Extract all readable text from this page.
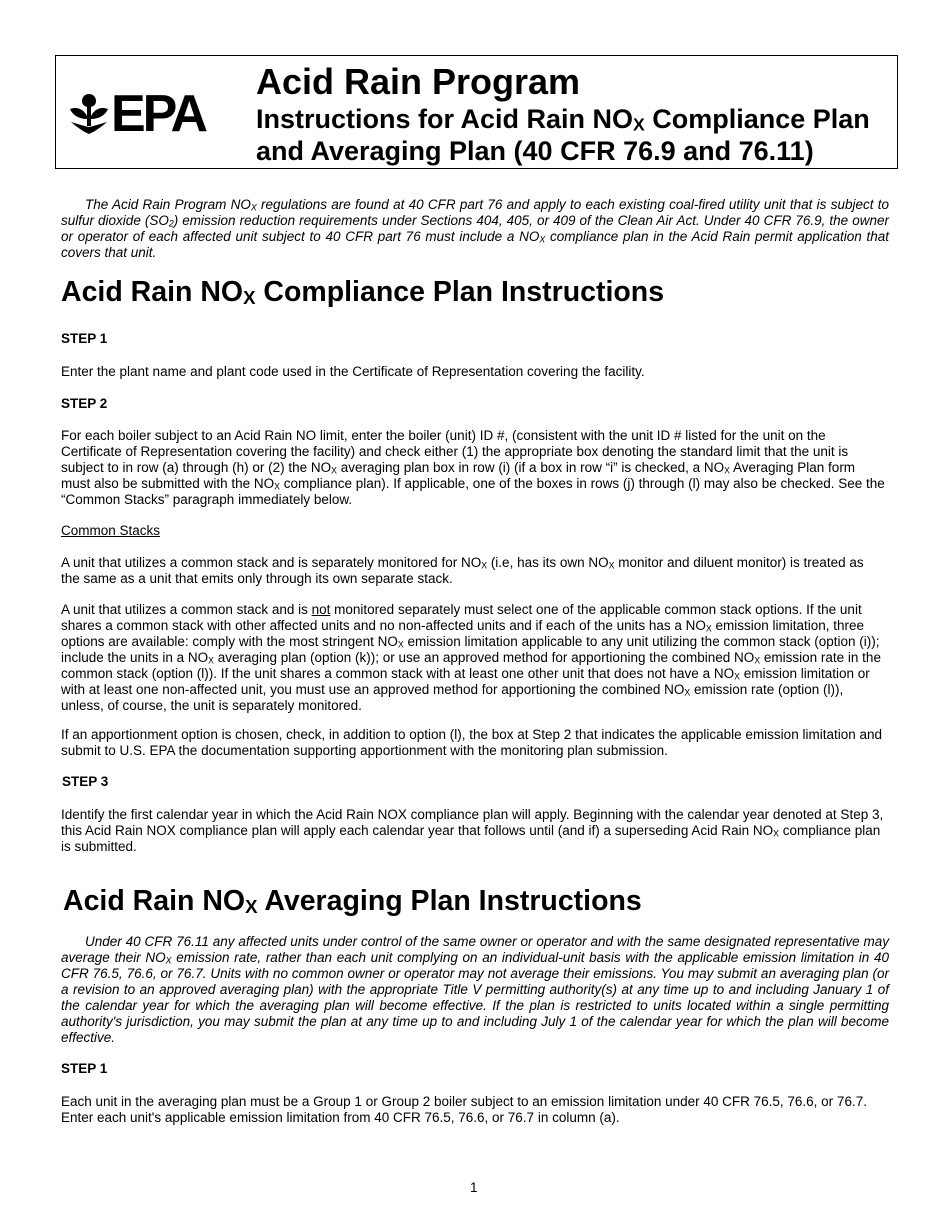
EPA
Acid Rain Program
Instructions for Acid Rain $NO_X$ Compliance Plan
and Averaging Plan (40 CFR 76.9 and 76.11)

The Acid Rain Program $NO_X$ regulations are found at 40 CFR part 76 and apply to each existing coal-fired utility unit that is subject to sulfur dioxide $(SO_2)$ emission reduction requirements under Sections 404, 405, or 409 of the Clean Air Act. Under 40 CFR 76.9, the owner or operator of each affected unit subject to 40 CFR part 76 must include a $NO_X$ compliance plan in the Acid Rain permit application that covers that unit.

Acid Rain $NO_X$ Compliance Plan Instructions
STEP 1

Enter the plant name and plant code used in the Certificate of Representation covering the facility.

STEP 2

For each boiler subject to an Acid Rain NO limit, enter the boiler (unit) ID #, (consistent with the unit ID # listed for the unit on the Certificate of Representation covering the facility) and check either (1) the appropriate box denoting the standard limit that the unit is subject to in row (a) through (h) or (2) the $NO_X$ averaging plan box in row (i) (if a box in row “i” is checked, a $NO_X$ Averaging Plan form must also be submitted with the $NO_X$ compliance plan). If applicable, one of the boxes in rows (j) through (l) may also be checked. See the “Common Stacks” paragraph immediately below.

Common Stacks

A unit that utilizes a common stack and is separately monitored for $NO_X$ (i.e, has its own $NO_X$ monitor and diluent monitor) is treated as the same as a unit that emits only through its own separate stack.

A unit that utilizes a common stack and is not monitored separately must select one of the applicable common stack options. If the unit shares a common stack with other affected units and no non-affected units and if each of the units has a $NO_X$ emission limitation, three options are available: comply with the most stringent $NO_X$ emission limitation applicable to any unit utilizing the common stack (option (i)); include the units in a $NO_X$ averaging plan (option (k)); or use an approved method for apportioning the combined $NO_X$ emission rate in the common stack (option (l)). If the unit shares a common stack with at least one other unit that does not have a $NO_X$ emission limitation or with at least one non-affected unit, you must use an approved method for apportioning the combined $NO_X$ emission rate (option (l)), unless, of course, the unit is separately monitored.

If an apportionment option is chosen, check, in addition to option (l), the box at Step 2 that indicates the applicable emission limitation and submit to U.S. EPA the documentation supporting apportionment with the monitoring plan submission.

STEP 3

Identify the first calendar year in which the Acid Rain NOX compliance plan will apply. Beginning with the calendar year denoted at Step 3, this Acid Rain NOX compliance plan will apply each calendar year that follows until (and if) a superseding Acid Rain $NO_X$ compliance plan is submitted.

Acid Rain $NO_X$ Averaging Plan Instructions

Under 40 CFR 76.11 any affected units under control of the same owner or operator and with the same designated representative may average their $NO_X$ emission rate, rather than each unit complying on an individual-unit basis with the applicable emission limitation in 40 CFR 76.5, 76.6, or 76.7. Units with no common owner or operator may not average their emissions. You may submit an averaging plan (or a revision to an approved averaging plan) with the appropriate Title V permitting authority(s) at any time up to and including January 1 of the calendar year for which the averaging plan will become effective. If the plan is restricted to units located within a single permitting authority's jurisdiction, you may submit the plan at any time up to and including July 1 of the calendar year for which the plan will become effective.

STEP 1

Each unit in the averaging plan must be a Group 1 or Group 2 boiler subject to an emission limitation under 40 CFR 76.5, 76.6, or 76.7. Enter each unit's applicable emission limitation from 40 CFR 76.5, 76.6, or 76.7 in column (a).

1
